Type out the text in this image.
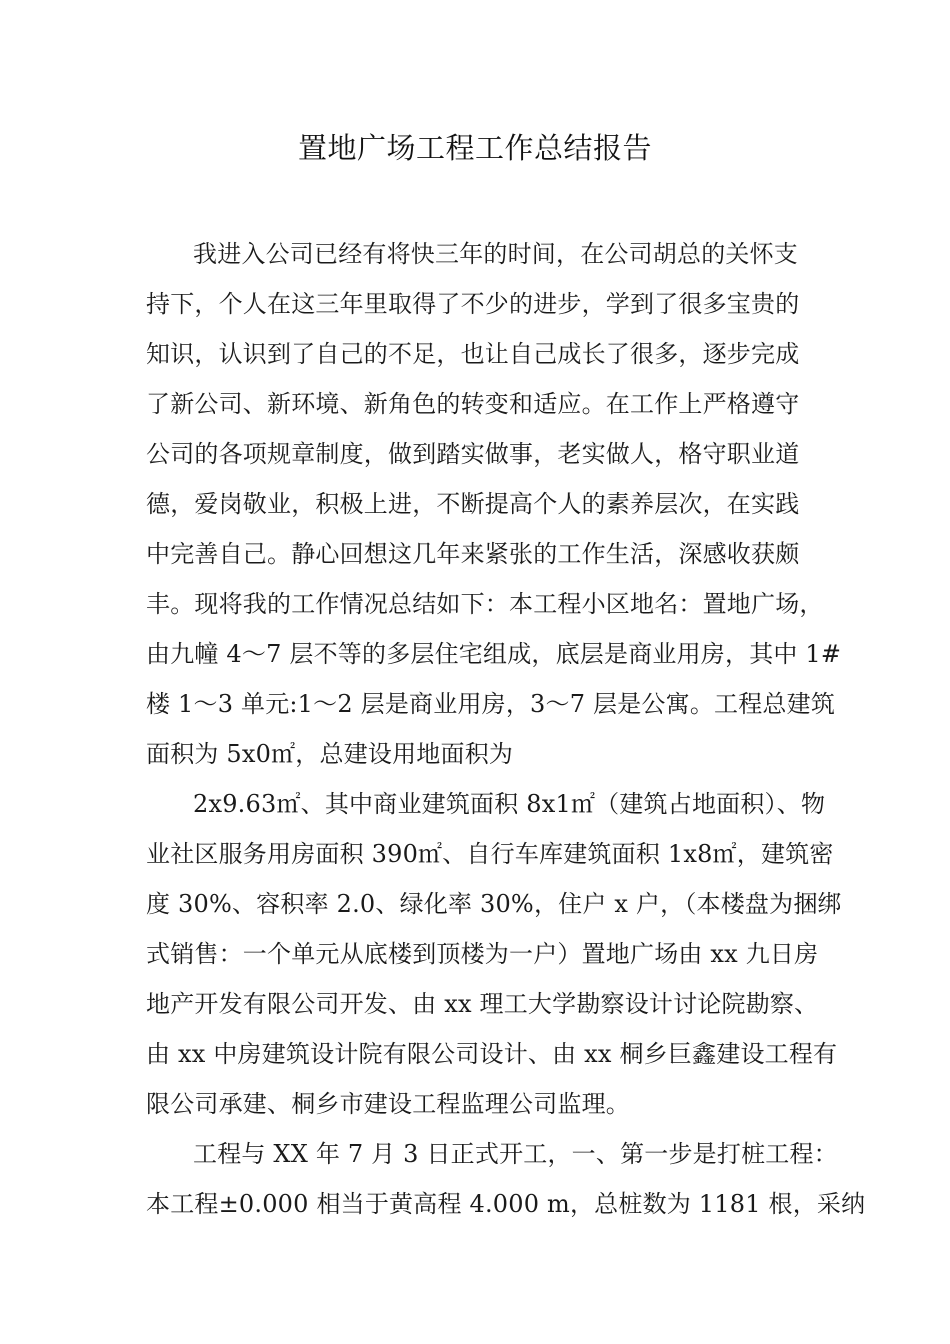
置地广场工程工作总结报告
我进入公司已经有将快三年的时间，在公司胡总的关怀支
持下，个人在这三年里取得了不少的进步，学到了很多宝贵的
知识，认识到了自己的不足，也让自己成长了很多，逐步完成
了新公司、新环境、新角色的转变和适应。在工作上严格遵守
公司的各项规章制度，做到踏实做事，老实做人，格守职业道
德，爱岗敬业，积极上进，不断提高个人的素养层次，在实践
中完善自己。静心回想这几年来紧张的工作生活，深感收获颇
丰。现将我的工作情况总结如下：本工程小区地名：置地广场，
由九幢 4～7 层不等的多层住宅组成，底层是商业用房，其中 1#
楼 1～3 单元:1～2 层是商业用房，3～7 层是公寓。工程总建筑
面积为 5x0㎡，总建设用地面积为
2x9.63㎡、其中商业建筑面积 8x1㎡（建筑占地面积）、物
业社区服务用房面积 390㎡、自行车库建筑面积 1x8㎡，建筑密
度 30%、容积率 2.0、绿化率 30%，住户 x 户，（本楼盘为捆绑
式销售：一个单元从底楼到顶楼为一户）置地广场由 xx 九日房
地产开发有限公司开发、由 xx 理工大学勘察设计讨论院勘察、
由 xx 中房建筑设计院有限公司设计、由 xx 桐乡巨鑫建设工程有
限公司承建、桐乡市建设工程监理公司监理。
工程与 XX 年 7 月 3 日正式开工，一、第一步是打桩工程：
本工程±0.000 相当于黄高程 4.000 m，总桩数为 1181 根，采纳
